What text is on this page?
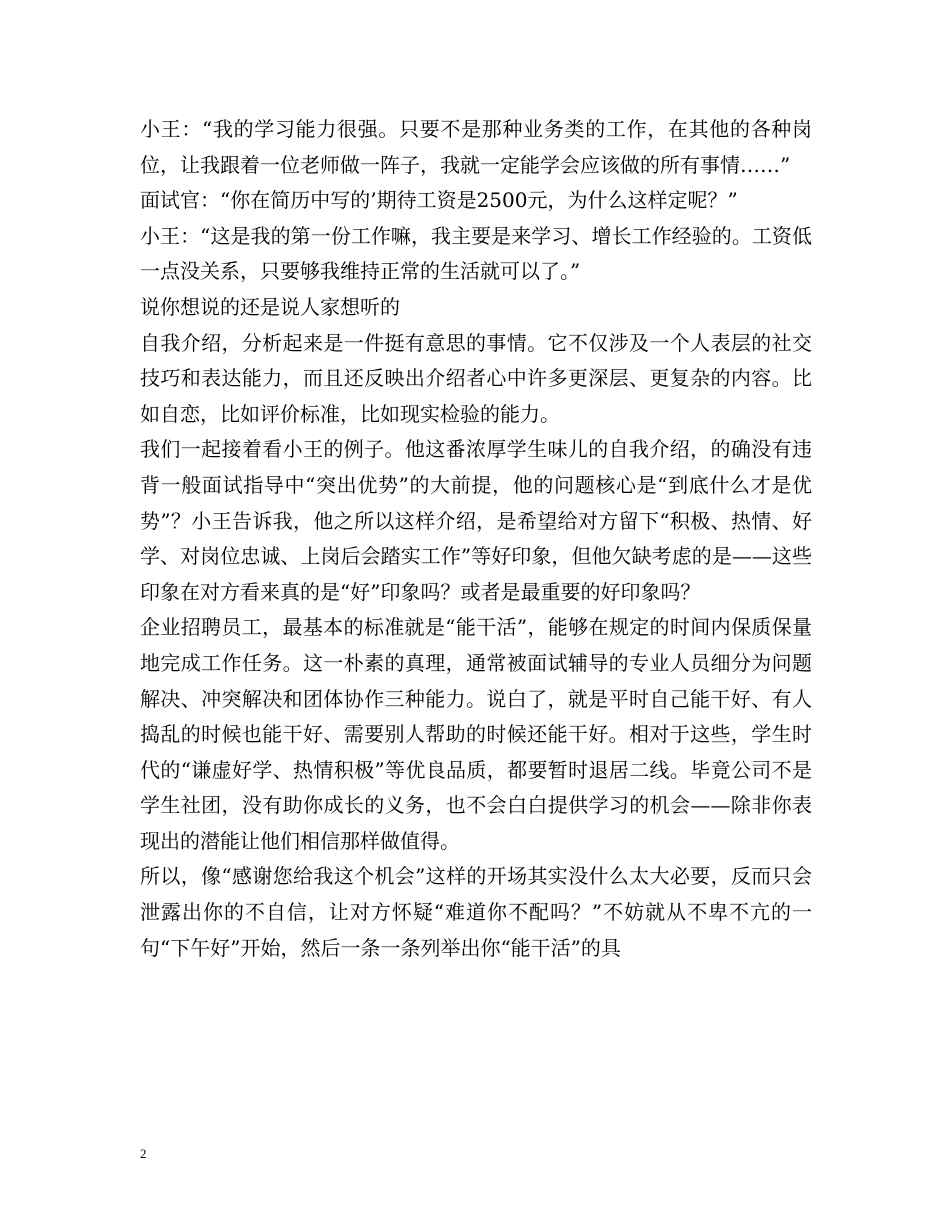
小王：“我的学习能力很强。只要不是那种业务类的工作，在其他的各种岗位，让我跟着一位老师做一阵子，我就一定能学会应该做的所有事情……”

面试官：“你在简历中写的’期待工资是2500元，为什么这样定呢？”

小王：“这是我的第一份工作嘛，我主要是来学习、增长工作经验的。工资低一点没关系，只要够我维持正常的生活就可以了。”

说你想说的还是说人家想听的

自我介绍，分析起来是一件挺有意思的事情。它不仅涉及一个人表层的社交技巧和表达能力，而且还反映出介绍者心中许多更深层、更复杂的内容。比如自恋，比如评价标准，比如现实检验的能力。

我们一起接着看小王的例子。他这番浓厚学生味儿的自我介绍，的确没有违背一般面试指导中“突出优势”的大前提，他的问题核心是“到底什么才是优势”？小王告诉我，他之所以这样介绍，是希望给对方留下“积极、热情、好学、对岗位忠诚、上岗后会踏实工作”等好印象，但他欠缺考虑的是——这些印象在对方看来真的是“好”印象吗？或者是最重要的好印象吗？

企业招聘员工，最基本的标准就是“能干活”，能够在规定的时间内保质保量地完成工作任务。这一朴素的真理，通常被面试辅导的专业人员细分为问题解决、冲突解决和团体协作三种能力。说白了，就是平时自己能干好、有人捣乱的时候也能干好、需要别人帮助的时候还能干好。相对于这些，学生时代的“谦虚好学、热情积极”等优良品质，都要暂时退居二线。毕竟公司不是学生社团，没有助你成长的义务，也不会白白提供学习的机会——除非你表现出的潜能让他们相信那样做值得。

所以，像“感谢您给我这个机会”这样的开场其实没什么太大必要，反而只会泄露出你的不自信，让对方怀疑“难道你不配吗？”不妨就从不卑不亢的一句“下午好”开始，然后一条一条列举出你“能干活”的具

2
